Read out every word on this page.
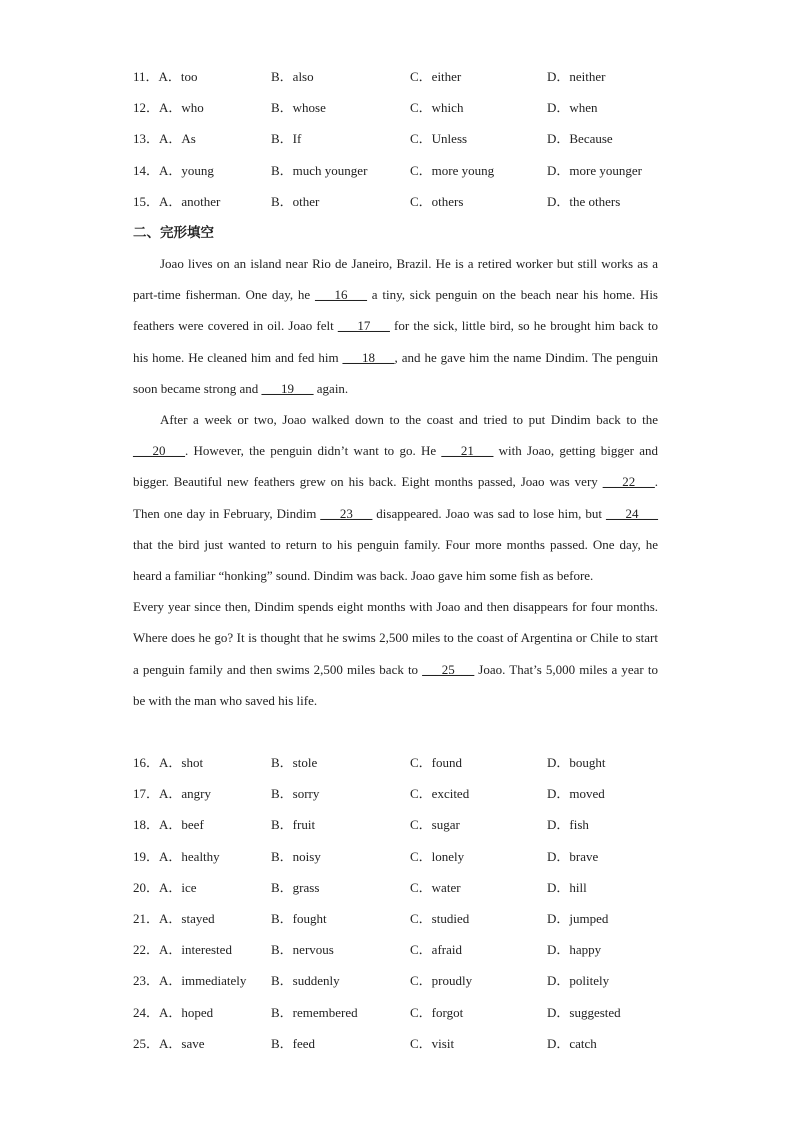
11．A．too	B．also	C．either	D．neither
12．A．who	B．whose	C．which	D．when
13．A．As	B．If	C．Unless	D．Because
14．A．young	B．much younger	C．more young	D．more younger
15．A．another	B．other	C．others	D．the others
二、完形填空

Joao lives on an island near Rio de Janeiro, Brazil. He is a retired worker but still works as a part-time fisherman. One day, he ___16___ a tiny, sick penguin on the beach near his home. His feathers were covered in oil. Joao felt ___17___ for the sick, little bird, so he brought him back to his home. He cleaned him and fed him ___18___, and he gave him the name Dindim. The penguin soon became strong and ___19___ again.

After a week or two, Joao walked down to the coast and tried to put Dindim back to the ___20___. However, the penguin didn’t want to go. He ___21___ with Joao, getting bigger and bigger. Beautiful new feathers grew on his back. Eight months passed, Joao was very ___22___. Then one day in February, Dindim ___23___ disappeared. Joao was sad to lose him, but ___24___ that the bird just wanted to return to his penguin family. Four more months passed. One day, he heard a familiar “honking” sound. Dindim was back. Joao gave him some fish as before.

Every year since then, Dindim spends eight months with Joao and then disappears for four months. Where does he go? It is thought that he swims 2,500 miles to the coast of Argentina or Chile to start a penguin family and then swims 2,500 miles back to ___25___ Joao. That’s 5,000 miles a year to be with the man who saved his life.

16．A．shot	B．stole	C．found	D．bought
17．A．angry	B．sorry	C．excited	D．moved
18．A．beef	B．fruit	C．sugar	D．fish
19．A．healthy	B．noisy	C．lonely	D．brave
20．A．ice	B．grass	C．water	D．hill
21．A．stayed	B．fought	C．studied	D．jumped
22．A．interested	B．nervous	C．afraid	D．happy
23．A．immediately B．suddenly	C．proudly	D．politely
24．A．hoped	B．remembered	C．forgot	D．suggested
25．A．save	B．feed	C．visit	D．catch
